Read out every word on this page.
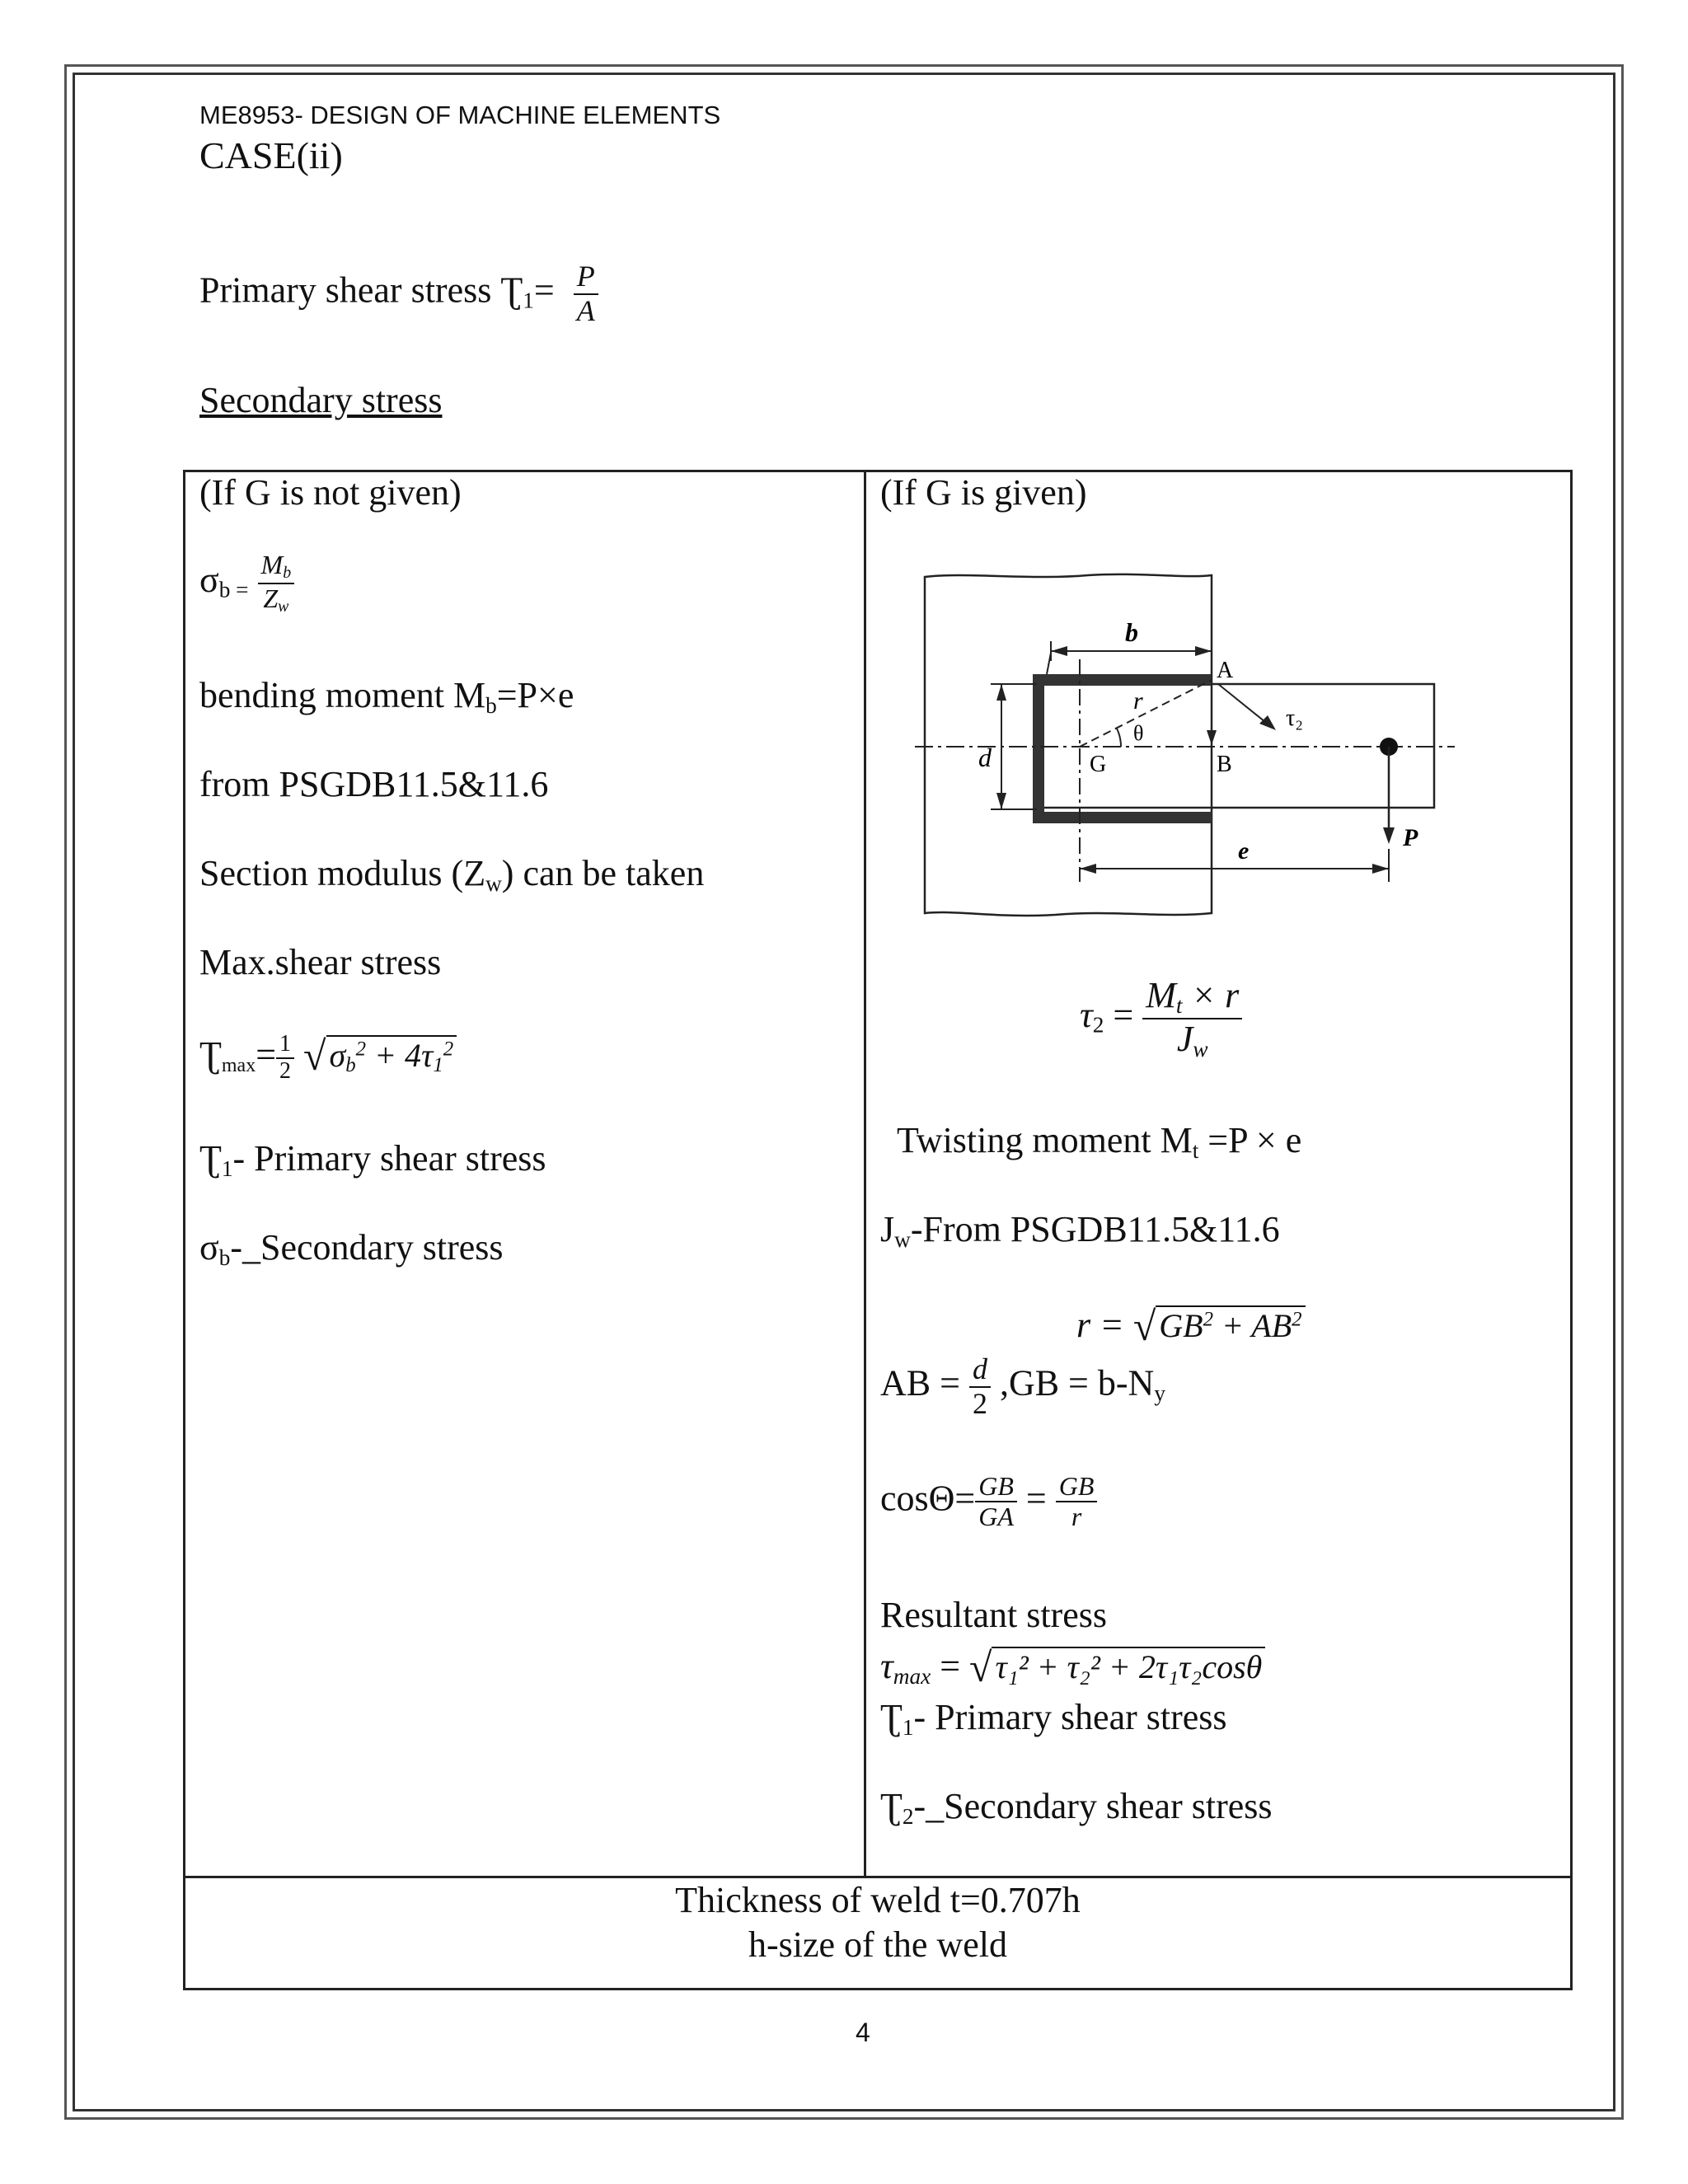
ME8953- DESIGN OF MACHINE ELEMENTS
CASE(ii)
Primary shear stress $Ʈ_1= \frac{P}{A}$
Secondary stress
(If G is not given)
$\sigma_{b =} \frac{M_b}{Z_w}$
bending moment $M_b=P\times e$
from PSGDB11.5&11.6
Section modulus $(Z_w)$ can be taken
Max.shear stress
$Ʈ_{max}= \frac{1}{2}$ √ $\sigma_b^2 + 4\tau_1^2$
$Ʈ_1-$ Primary shear stress
$\sigma_b-\_Secondary$ stress
(If G is given)
b
d
r
θ
A
B
G
τ₂
P
e
$\tau_2 = \frac{M_t \times r}{J_w}$
Twisting moment $M_t =P \times e$
$J_w$-From PSGDB11.5&11.6
r = √ $GB^2 + AB^2$
AB = $\frac{d}{2} ,GB = b-N_y$
$\cos\Theta= \frac{GB}{GA} = \frac{GB}{r}$
Resultant stress
$\tau_{max}$ = √ τ₁² + τ₂² + 2τ₁τ₂cosθ
$Ʈ_1-$ Primary shear stress
$Ʈ_2-\_Secondary$ shear stress
Thickness of weld t=0.707h
h-size of the weld
4
